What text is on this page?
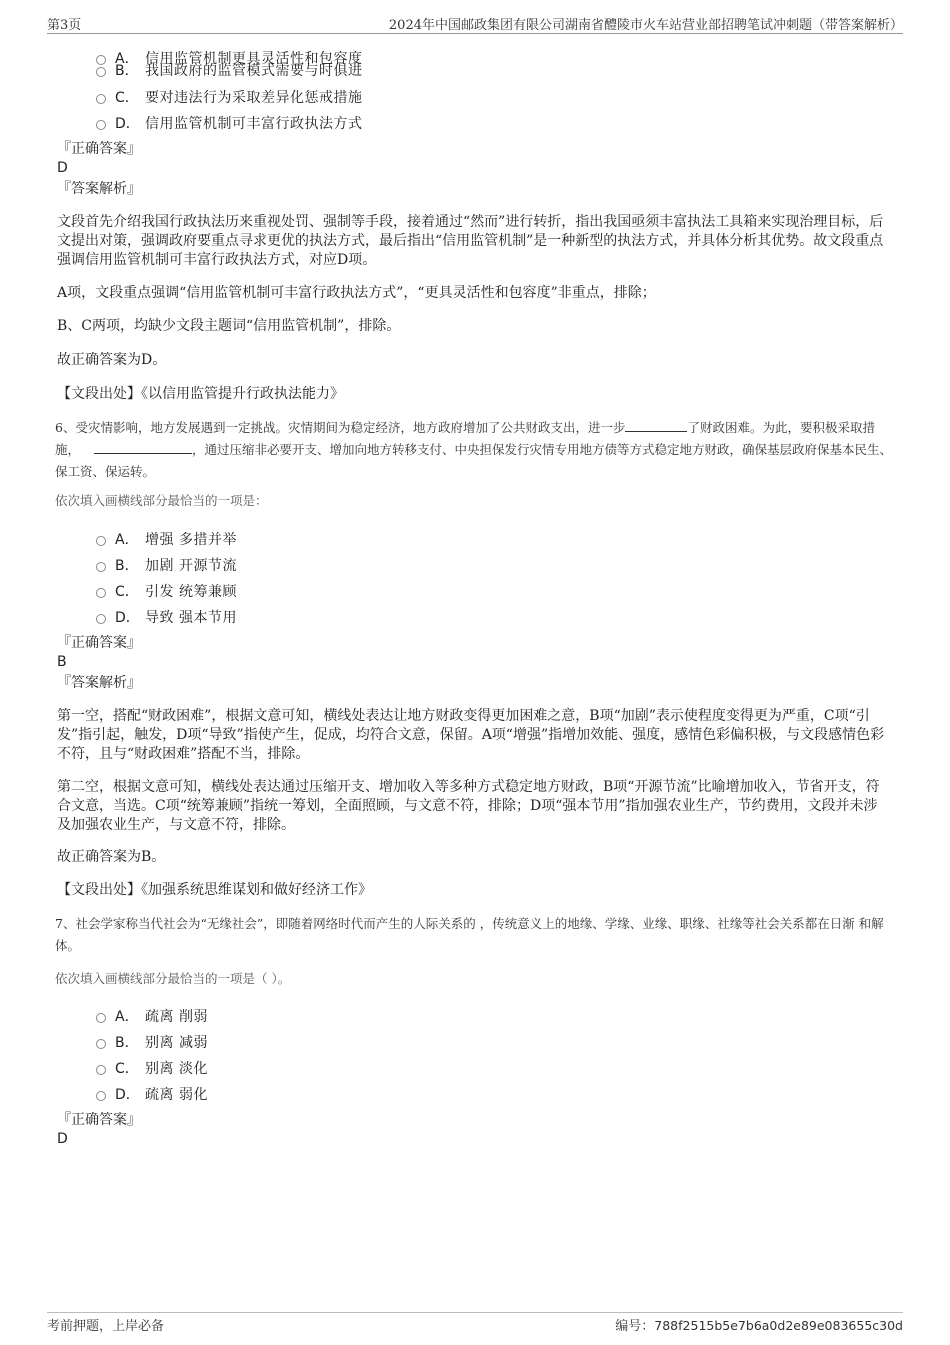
第3页	2024年中国邮政集团有限公司湖南省醴陵市火车站营业部招聘笔试冲刺题（带答案解析）
A． 信用监管机制更具灵活性和包容度
B． 我国政府的监管模式需要与时俱进
C． 要对违法行为采取差异化惩戒措施
D． 信用监管机制可丰富行政执法方式
『正确答案』
D
『答案解析』
文段首先介绍我国行政执法历来重视处罚、强制等手段，接着通过“然而”进行转折，指出我国亟须丰富执法工具箱来实现治理目标，后文提出对策，强调政府要重点寻求更优的执法方式，最后指出“信用监管机制”是一种新型的执法方式，并具体分析其优势。故文段重点强调信用监管机制可丰富行政执法方式，对应D项。
A项，文段重点强调“信用监管机制可丰富行政执法方式”，“更具灵活性和包容度”非重点，排除；
B、C两项，均缺少文段主题词“信用监管机制”，排除。
故正确答案为D。
【文段出处】《以信用监管提升行政执法能力》
6、受灾情影响，地方发展遇到一定挑战。灾情期间为稳定经济，地方政府增加了公共财政支出，进一步	了财政困难。为此，要积极采取措施，	，通过压缩非必要开支、增加向地方转移支付、中央担保发行灾情专用地方债等方式稳定地方财政，确保基层政府保基本民生、保工资、保运转。
依次填入画横线部分最恰当的一项是：
A． 增强 多措并举
B． 加剧 开源节流
C． 引发 统筹兼顾
D． 导致 强本节用
『正确答案』
B
『答案解析』
第一空，搭配“财政困难”，根据文意可知，横线处表达让地方财政变得更加困难之意，B项“加剧”表示使程度变得更为严重，C项“引发”指引起，触发，D项“导致”指使产生，促成，均符合文意，保留。A项“增强”指增加效能、强度，感情色彩偏积极，与文段感情色彩不符，且与“财政困难”搭配不当，排除。
第二空，根据文意可知，横线处表达通过压缩开支、增加收入等多种方式稳定地方财政，B项“开源节流”比喻增加收入，节省开支，符合文意，当选。C项“统筹兼顾”指统一筹划，全面照顾，与文意不符，排除；D项“强本节用”指加强农业生产，节约费用，文段并未涉及加强农业生产，与文意不符，排除。
故正确答案为B。
【文段出处】《加强系统思维谋划和做好经济工作》
7、社会学家称当代社会为“无缘社会”，即随着网络时代而产生的人际关系的 ，传统意义上的地缘、学缘、业缘、职缘、社缘等社会关系都在日渐 和解体。
依次填入画横线部分最恰当的一项是（ ）。
A． 疏离 削弱
B． 别离 减弱
C． 别离 淡化
D． 疏离 弱化
『正确答案』
D
考前押题，上岸必备	编号：788f2515b5e7b6a0d2e89e083655c30d
